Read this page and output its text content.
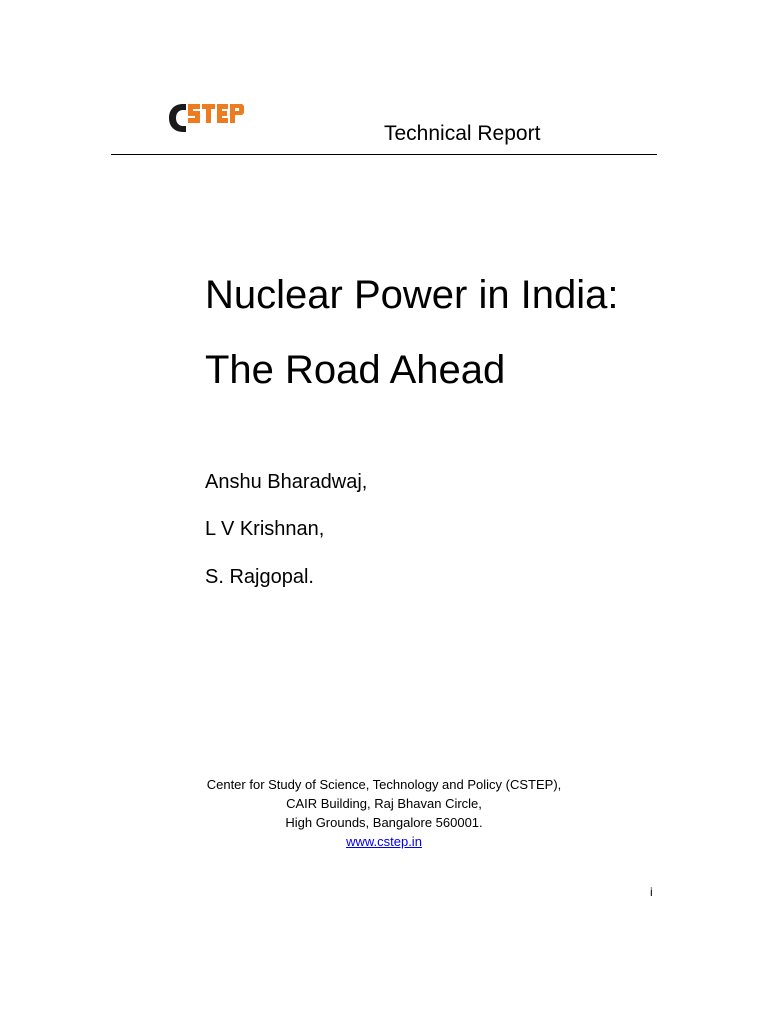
Technical Report
Nuclear Power in India:
The Road Ahead
Anshu Bharadwaj,
L V Krishnan,
S. Rajgopal.
Center for Study of Science, Technology and Policy (CSTEP),
CAIR Building, Raj Bhavan Circle,
High Grounds, Bangalore 560001.
www.cstep.in
i
